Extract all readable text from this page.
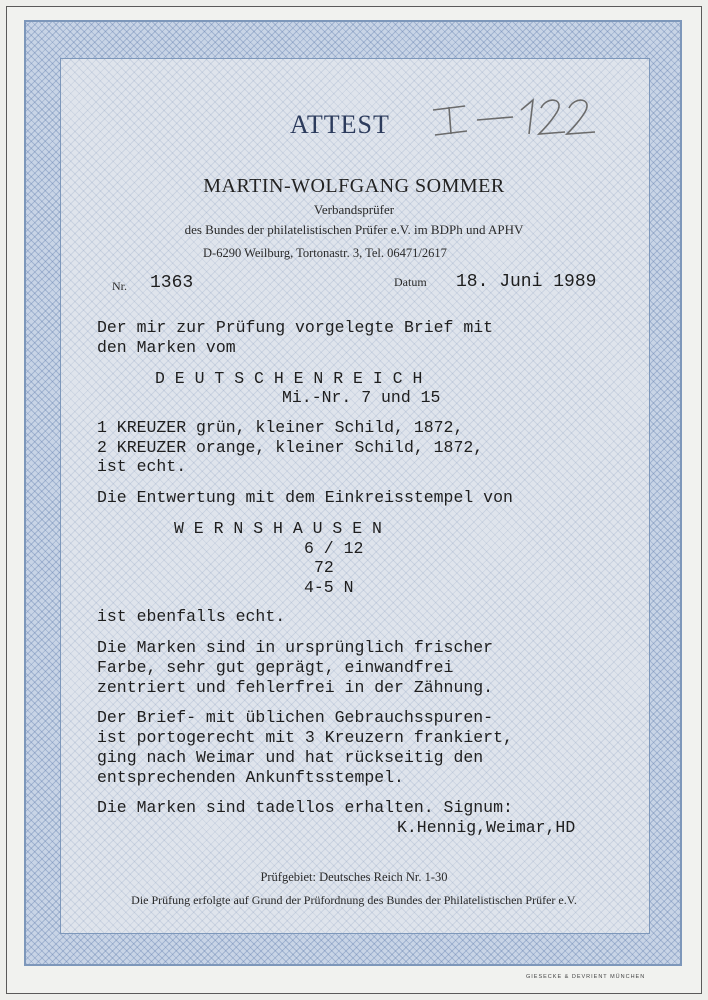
ATTEST
MARTIN-WOLFGANG SOMMER
Verbandsprüfer
des Bundes der philatelistischen Prüfer e.V. im BDPh und APHV
D-6290 Weilburg, Tortonastr. 3, Tel. 06471/2617
Nr. 1363	Datum 18. Juni 1989
Der mir zur Prüfung vorgelegte Brief mit
den Marken vom
D E U T S C H E N R E I C H
Mi.-Nr. 7 und 15
1 KREUZER grün, kleiner Schild, 1872,
2 KREUZER orange, kleiner Schild, 1872,
ist echt.
Die Entwertung mit dem Einkreisstempel von
W E R N S H A U S E N
6 / 12
72
4-5 N
ist ebenfalls echt.
Die Marken sind in ursprünglich frischer
Farbe, sehr gut geprägt, einwandfrei
zentriert und fehlerfrei in der Zähnung.
Der Brief- mit üblichen Gebrauchsspuren-
ist portogerecht mit 3 Kreuzern frankiert,
ging nach Weimar und hat rückseitig den
entsprechenden Ankunftsstempel.
Die Marken sind tadellos erhalten. Signum:
K.Hennig,Weimar,HD
Prüfgebiet: Deutsches Reich Nr. 1-30
Die Prüfung erfolgte auf Grund der Prüfordnung des Bundes der Philatelistischen Prüfer e.V.
GIESECKE & DEVRIENT MÜNCHEN
